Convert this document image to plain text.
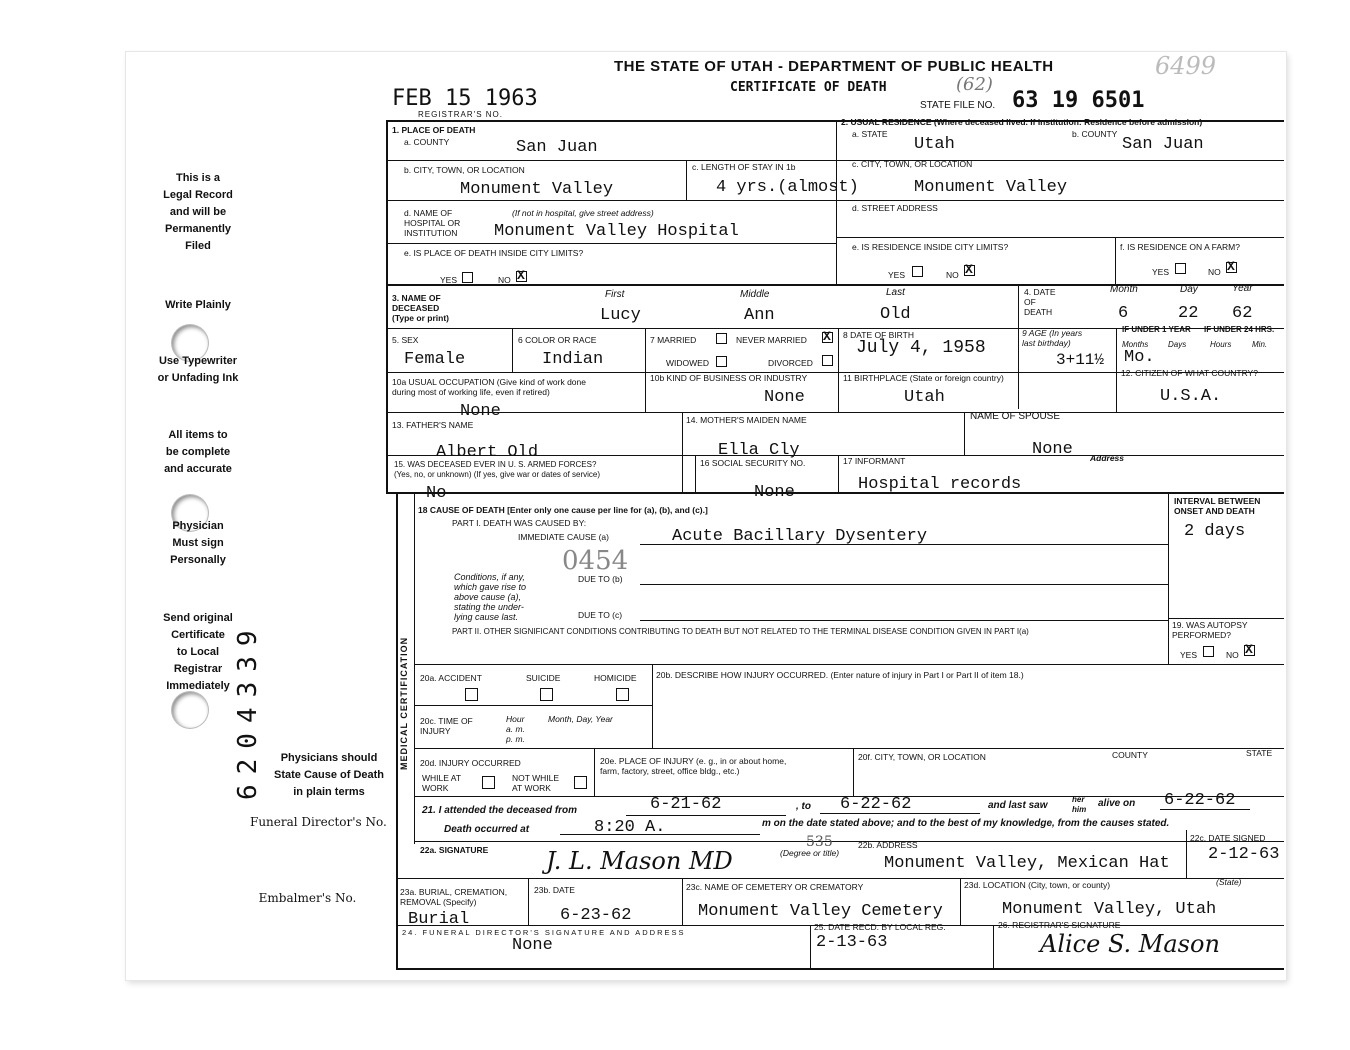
This is a
Legal Record
and will be
Permanently
Filed
Write Plainly
Use Typewriter
or Unfading Ink
All items to
be complete
and accurate
Physician
Must sign
Personally
Send original
Certificate
to Local
Registrar
Immediately
Physicians should
State Cause of Death
in plain terms
Funeral Director's No.
Embalmer's No.
6204339
THE STATE OF UTAH - DEPARTMENT OF PUBLIC HEALTH
CERTIFICATE OF DEATH
FEB 15 1963
REGISTRAR'S NO.
(62)
6499
STATE FILE NO. 63 19 6501
MEDICAL CERTIFICATION
1. PLACE OF DEATH
a. COUNTY
b. CITY, TOWN, OR LOCATION	c. LENGTH OF STAY IN 1b
d. NAME OF
HOSPITAL OR
INSTITUTION
(If not in hospital, give street address)
e. IS PLACE OF DEATH INSIDE CITY LIMITS?
YES	NO
X
2. USUAL RESIDENCE (Where deceased lived. If institution: Residence before admission)
a. STATE	b. COUNTY
c. CITY, TOWN, OR LOCATION
d. STREET ADDRESS
e. IS RESIDENCE INSIDE CITY LIMITS?	f. IS RESIDENCE ON A FARM?
YES	NO
X	YES	NO
X
3. NAME OF
DECEASED
(Type or print)
First	Middle	Last	4. DATE
OF
DEATH
Month	Day	Year
5. SEX	6 COLOR OR RACE	7 MARRIED	NEVER MARRIED
X
WIDOWED	DIVORCED
8 DATE OF BIRTH	9 AGE (In years
last birthday)
IF UNDER 1 YEAR IF UNDER 24 HRS.
Months Days	Hours	Min.
10a USUAL OCCUPATION (Give kind of work done
during most of working life, even if retired)
10b KIND OF BUSINESS OR INDUSTRY	11 BIRTHPLACE (State or foreign country)	12. CITIZEN OF WHAT COUNTRY?
13. FATHER'S NAME	14. MOTHER'S MAIDEN NAME	NAME OF SPOUSE
15. WAS DECEASED EVER IN U. S. ARMED FORCES?
(Yes, no, or unknown) (If yes, give war or dates of service)
16 SOCIAL SECURITY NO.	17 INFORMANT	Address
18 CAUSE OF DEATH [Enter only one cause per line for (a), (b), and (c).]
PART I. DEATH WAS CAUSED BY:
IMMEDIATE CAUSE (a)
Conditions, if any,
which gave rise to
above cause (a),
stating the under-
lying cause last.
DUE TO (b)
DUE TO (c)
INTERVAL BETWEEN
ONSET AND DEATH
PART II. OTHER SIGNIFICANT CONDITIONS CONTRIBUTING TO DEATH BUT NOT RELATED TO THE TERMINAL DISEASE CONDITION GIVEN IN PART I(a)
19. WAS AUTOPSY
PERFORMED?
YES	NO
X
20a. ACCIDENT	SUICIDE	HOMICIDE 20b. DESCRIBE HOW INJURY OCCURRED. (Enter nature of injury in Part I or Part II of item 18.)
20c. TIME OF
INJURY
Hour
a. m.
p. m.
Month, Day, Year
20d. INJURY OCCURRED
WHILE AT
WORK
NOT WHILE
AT WORK
20e. PLACE OF INJURY (e. g., in or about home,
farm, factory, street, office bldg., etc.)
20f. CITY, TOWN, OR LOCATION	COUNTY	STATE
21. I attended the deceased from	, to	and last saw
her
him
alive on
Death occurred at
m on the date stated above; and to the best of my knowledge, from the causes stated.
22a. SIGNATURE	(Degree or title)
22b. ADDRESS
22c. DATE SIGNED
23a. BURIAL, CREMATION,
REMOVAL (Specify)
23b. DATE	23c. NAME OF CEMETERY OR CREMATORY	23d. LOCATION (City, town, or county)	(State)
24. FUNERAL DIRECTOR'S SIGNATURE AND ADDRESS
25. DATE RECD. BY LOCAL REG.	26. REGISTRAR'S SIGNATURE
San Juan
Monument Valley	4 yrs.(almost)
Monument Valley Hospital
Utah	San Juan
Monument Valley
Lucy	Ann	Old	6	22 62
Female	Indian
July 4, 1958
3+11½ Mo.
None
None	Utah	U.S.A.
Albert Old	Ella Cly	None
No	None	Hospital records
Acute Bacillary Dysentery
0454
2 days
6-21-62	6-22-62	6-22-62
8:20 A.
J. L. Mason MD
535
Monument Valley, Mexican Hat 2-12-63
Burial	6-23-62	Monument Valley Cemetery	Monument Valley, Utah
None	2-13-63	Alice S. Mason
